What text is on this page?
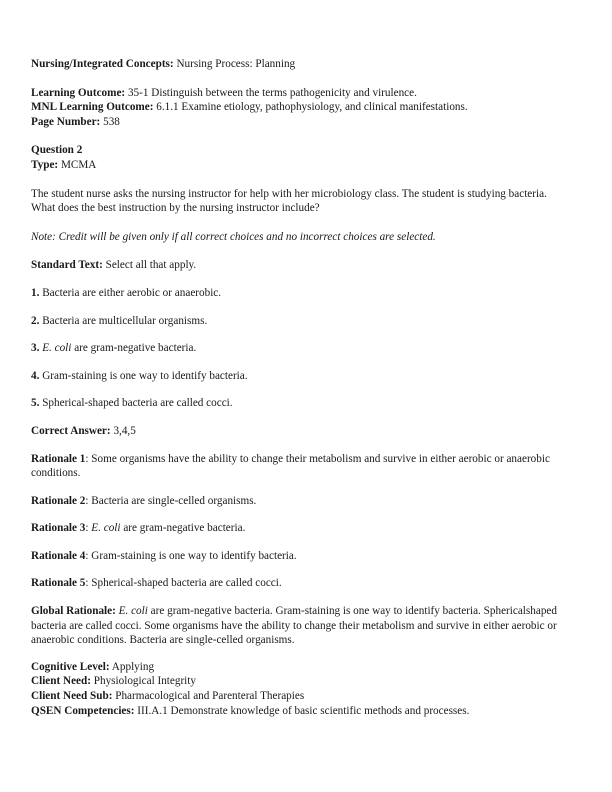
Nursing/Integrated Concepts: Nursing Process: Planning

Learning Outcome: 35-1 Distinguish between the terms pathogenicity and virulence.

MNL Learning Outcome: 6.1.1 Examine etiology, pathophysiology, and clinical manifestations.

Page Number: 538

Question 2

Type: MCMA

The student nurse asks the nursing instructor for help with her microbiology class. The student is studying bacteria. What does the best instruction by the nursing instructor include?

Note: Credit will be given only if all correct choices and no incorrect choices are selected.

Standard Text: Select all that apply.

1. Bacteria are either aerobic or anaerobic.

2. Bacteria are multicellular organisms.

3. E. coli are gram-negative bacteria.

4. Gram-staining is one way to identify bacteria.

5. Spherical-shaped bacteria are called cocci.

Correct Answer: 3,4,5

Rationale 1: Some organisms have the ability to change their metabolism and survive in either aerobic or anaerobic conditions.

Rationale 2: Bacteria are single-celled organisms.

Rationale 3: E. coli are gram-negative bacteria.

Rationale 4: Gram-staining is one way to identify bacteria.

Rationale 5: Spherical-shaped bacteria are called cocci.

Global Rationale: E. coli are gram-negative bacteria. Gram-staining is one way to identify bacteria. Sphericalshaped bacteria are called cocci. Some organisms have the ability to change their metabolism and survive in either aerobic or anaerobic conditions. Bacteria are single-celled organisms.

Cognitive Level: Applying

Client Need: Physiological Integrity

Client Need Sub: Pharmacological and Parenteral Therapies

QSEN Competencies: III.A.1 Demonstrate knowledge of basic scientific methods and processes.
